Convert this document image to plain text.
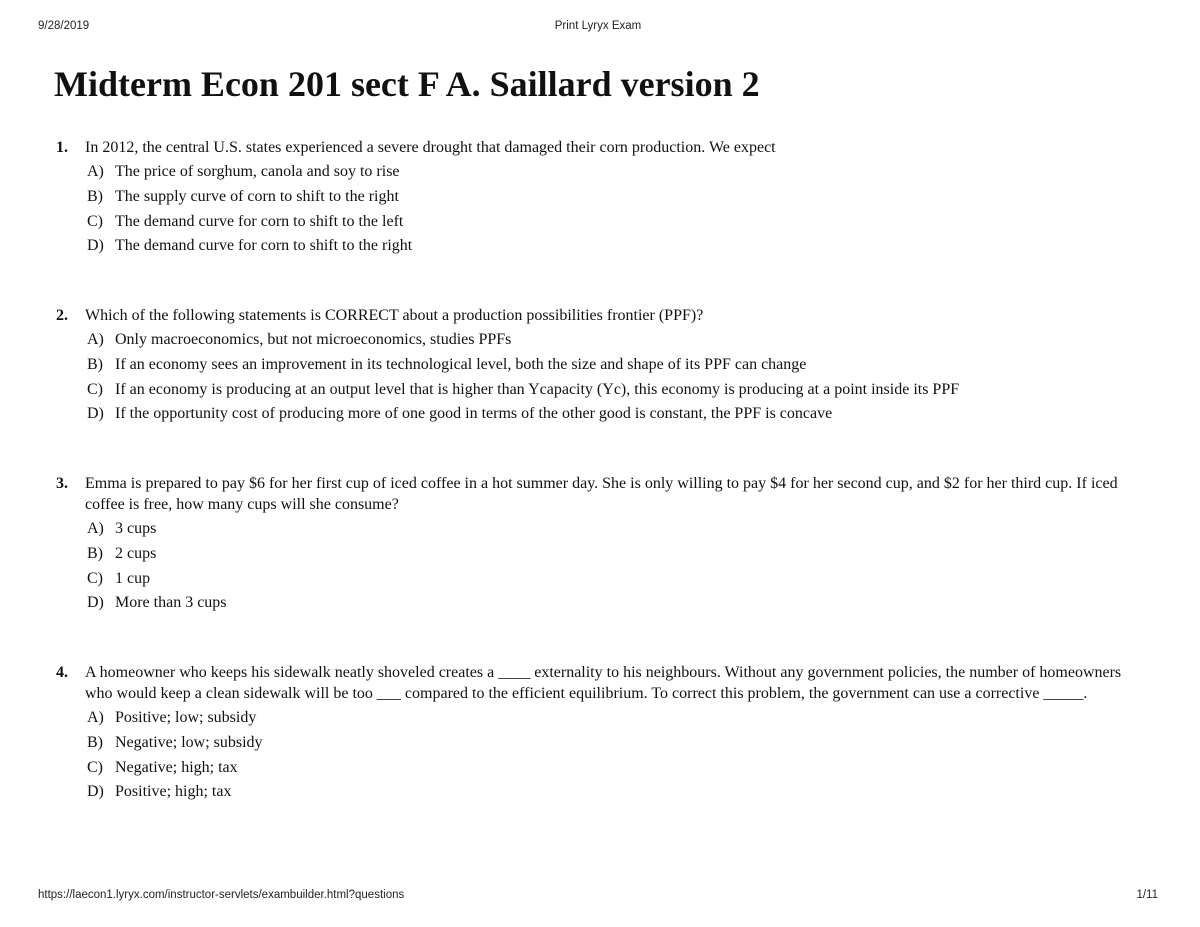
9/28/2019	Print Lyryx Exam
Midterm Econ 201 sect F A. Saillard version 2
1.	In 2012, the central U.S. states experienced a severe drought that damaged their corn production. We expect
A) The price of sorghum, canola and soy to rise
B) The supply curve of corn to shift to the right
C) The demand curve for corn to shift to the left
D) The demand curve for corn to shift to the right
2.	Which of the following statements is CORRECT about a production possibilities frontier (PPF)?
A) Only macroeconomics, but not microeconomics, studies PPFs
B) If an economy sees an improvement in its technological level, both the size and shape of its PPF can change
C) If an economy is producing at an output level that is higher than Ycapacity (Yc), this economy is producing at a point inside its PPF
D) If the opportunity cost of producing more of one good in terms of the other good is constant, the PPF is concave
3.	Emma is prepared to pay $6 for her first cup of iced coffee in a hot summer day. She is only willing to pay $4 for her second cup, and $2 for her third cup. If iced coffee is free, how many cups will she consume?
A) 3 cups
B) 2 cups
C) 1 cup
D) More than 3 cups
4.	A homeowner who keeps his sidewalk neatly shoveled creates a ____ externality to his neighbours. Without any government policies, the number of homeowners who would keep a clean sidewalk will be too ___ compared to the efficient equilibrium. To correct this problem, the government can use a corrective _____.
A) Positive; low; subsidy
B) Negative; low; subsidy
C) Negative; high; tax
D) Positive; high; tax
https://laecon1.lyryx.com/instructor-servlets/exambuilder.html?questions	1/11
